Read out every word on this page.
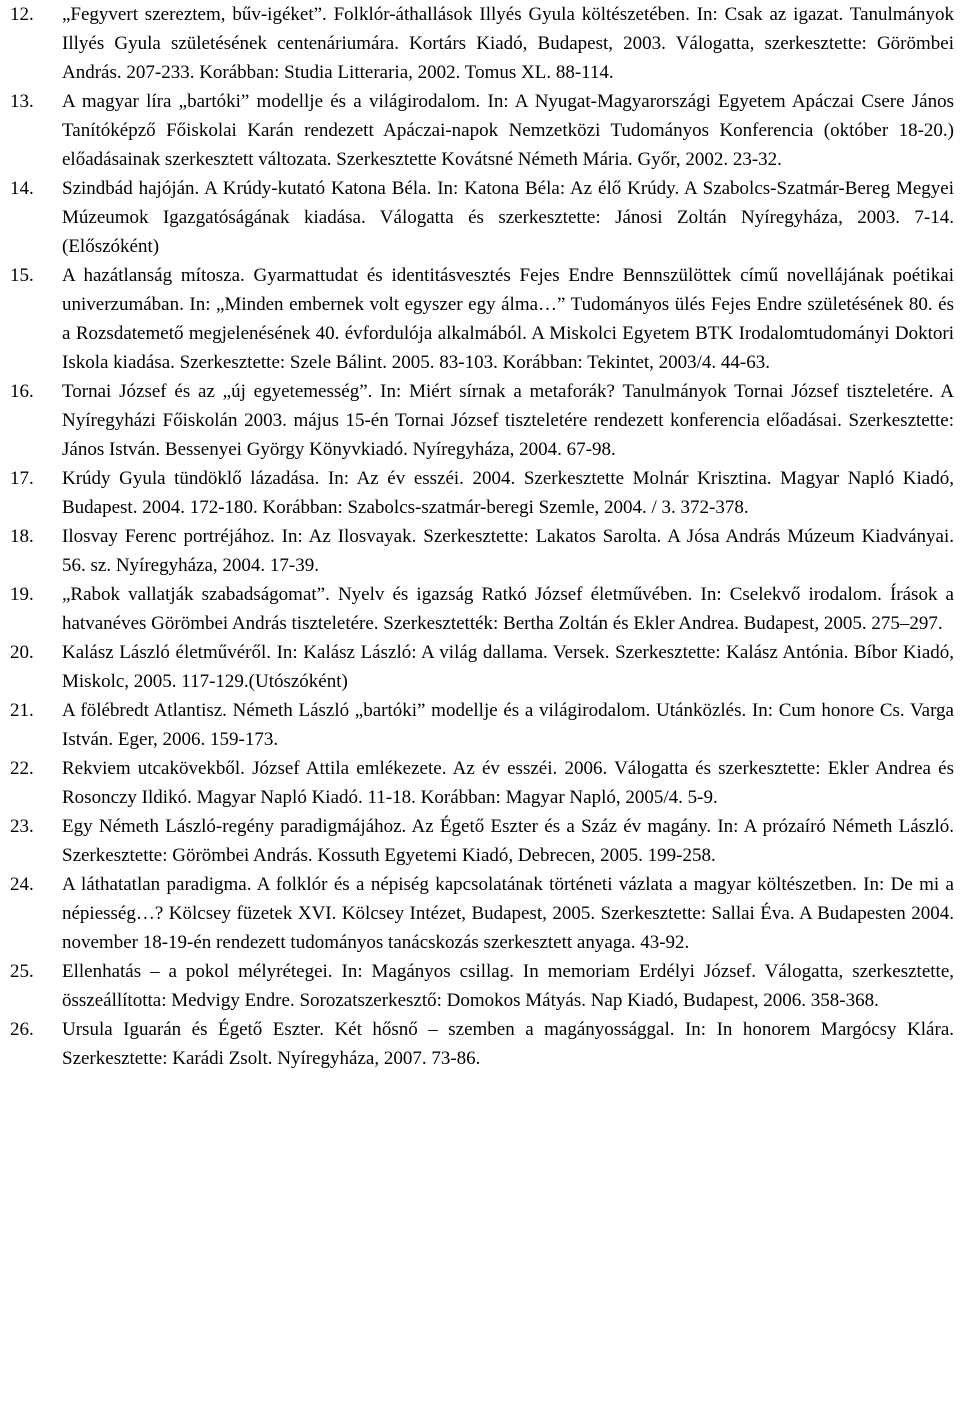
12.	„Fegyvert szereztem, bűv-igéket”. Folklór-áthallások Illyés Gyula költészetében. In: Csak az igazat. Tanulmányok Illyés Gyula születésének centenáriumára. Kortárs Kiadó, Budapest, 2003. Válogatta, szerkesztette: Görömbei András. 207-233. Korábban: Studia Litteraria, 2002. Tomus XL. 88-114.
13.	A magyar líra „bartóki” modellje és a világirodalom. In: A Nyugat-Magyarországi Egyetem Apáczai Csere János Tanítóképző Főiskolai Karán rendezett Apáczai-napok Nemzetközi Tudományos Konferencia (október 18-20.) előadásainak szerkesztett változata. Szerkesztette Kovátsné Németh Mária. Győr, 2002. 23-32.
14.	Szindbád hajóján. A Krúdy-kutató Katona Béla. In: Katona Béla: Az élő Krúdy. A Szabolcs-Szatmár-Bereg Megyei Múzeumok Igazgatóságának kiadása. Válogatta és szerkesztette: Jánosi Zoltán Nyíregyháza, 2003. 7-14. (Előszóként)
15.	A hazátlanság mítosza. Gyarmattudat és identitásvesztés Fejes Endre Bennszülöttek című novellájának poétikai univerzumában. In: „Minden embernek volt egyszer egy álma…” Tudományos ülés Fejes Endre születésének 80. és a Rozsdatemető megjelenésének 40. évfordulója alkalmából. A Miskolci Egyetem BTK Irodalomtudományi Doktori Iskola kiadása. Szerkesztette: Szele Bálint. 2005. 83-103. Korábban: Tekintet, 2003/4. 44-63.
16.	Tornai József és az „új egyetemesség”. In: Miért sírnak a metaforák? Tanulmányok Tornai József tiszteletére. A Nyíregyházi Főiskolán 2003. május 15-én Tornai József tiszteletére rendezett konferencia előadásai. Szerkesztette: János István. Bessenyei György Könyvkiadó. Nyíregyháza, 2004. 67-98.
17.	Krúdy Gyula tündöklő lázadása. In: Az év esszéi. 2004. Szerkesztette Molnár Krisztina. Magyar Napló Kiadó, Budapest. 2004. 172-180. Korábban: Szabolcs-szatmár-beregi Szemle, 2004. / 3. 372-378.
18.	Ilosvay Ferenc portréjához. In: Az Ilosvayak. Szerkesztette: Lakatos Sarolta. A Jósa András Múzeum Kiadványai. 56. sz. Nyíregyháza, 2004. 17-39.
19.	„Rabok vallatják szabadságomat”. Nyelv és igazság Ratkó József életművében. In: Cselekvő irodalom. Írások a hatvanéves Görömbei András tiszteletére. Szerkesztették: Bertha Zoltán és Ekler Andrea. Budapest, 2005. 275–297.
20.	Kalász László életművéről. In: Kalász László: A világ dallama. Versek. Szerkesztette: Kalász Antónia. Bíbor Kiadó, Miskolc, 2005. 117-129.(Utószóként)
21.	A fölébredt Atlantisz. Németh László „bartóki” modellje és a világirodalom. Utánközlés. In: Cum honore Cs. Varga István. Eger, 2006. 159-173.
22.	Rekviem utcakövekből. József Attila emlékezete. Az év esszéi. 2006. Válogatta és szerkesztette: Ekler Andrea és Rosonczy Ildikó. Magyar Napló Kiadó. 11-18. Korábban: Magyar Napló, 2005/4. 5-9.
23.	Egy Németh László-regény paradigmájához. Az Égető Eszter és a Száz év magány. In: A prózaíró Németh László. Szerkesztette: Görömbei András. Kossuth Egyetemi Kiadó, Debrecen, 2005. 199-258.
24.	A láthatatlan paradigma. A folklór és a népiség kapcsolatának történeti vázlata a magyar költészetben. In: De mi a népiesség…? Kölcsey füzetek XVI. Kölcsey Intézet, Budapest, 2005. Szerkesztette: Sallai Éva. A Budapesten 2004. november 18-19-én rendezett tudományos tanácskozás szerkesztett anyaga. 43-92.
25.	Ellenhatás – a pokol mélyrétegei. In: Magányos csillag. In memoriam Erdélyi József. Válogatta, szerkesztette, összeállította: Medvigy Endre. Sorozatszerkesztő: Domokos Mátyás. Nap Kiadó, Budapest, 2006. 358-368.
26.	Ursula Iguarán és Égető Eszter. Két hősnő – szemben a magányossággal. In: In honorem Margócsy Klára. Szerkesztette: Karádi Zsolt. Nyíregyháza, 2007. 73-86.
